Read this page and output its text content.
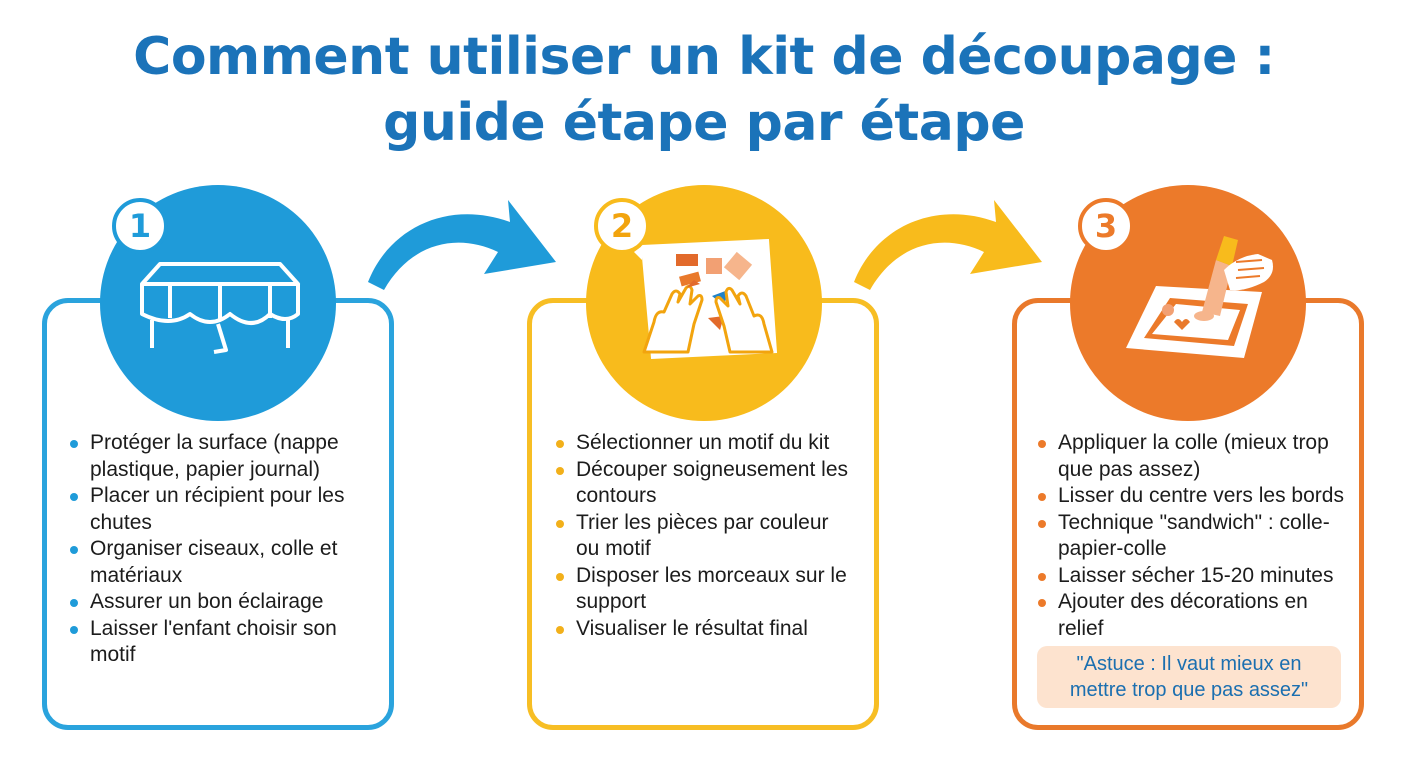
Comment utiliser un kit de découpage :
guide étape par étape
1
Protéger la surface (nappe plastique, papier journal)
Placer un récipient pour les chutes
Organiser ciseaux, colle et matériaux
Assurer un bon éclairage
Laisser l'enfant choisir son motif
2
Sélectionner un motif du kit
Découper soigneusement les contours
Trier les pièces par couleur ou motif
Disposer les morceaux sur le support
Visualiser le résultat final
3
Appliquer la colle (mieux trop que pas assez)
Lisser du centre vers les bords
Technique "sandwich" : colle-papier-colle
Laisser sécher 15-20 minutes
Ajouter des décorations en relief
"Astuce : Il vaut mieux en
mettre trop que pas assez"
